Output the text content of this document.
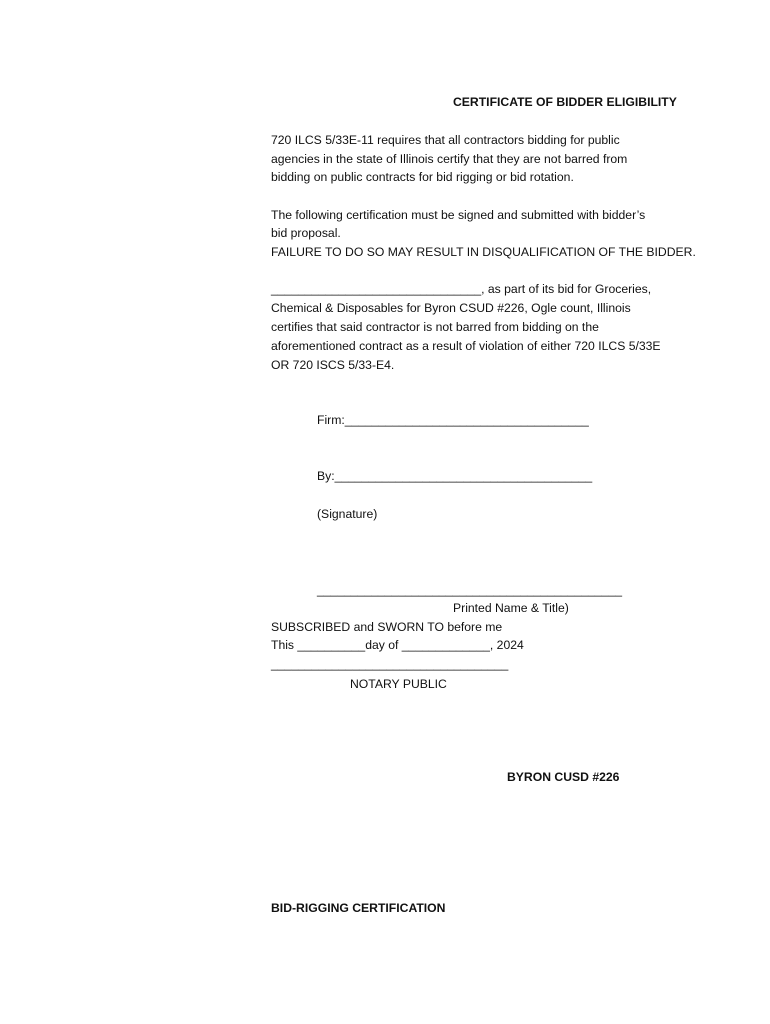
CERTIFICATE OF BIDDER ELIGIBILITY
720 ILCS 5/33E-11 requires that all contractors bidding for public
agencies in the state of Illinois certify that they are not barred from
bidding on public contracts for bid rigging or bid rotation.
The following certification must be signed and submitted with bidder’s
bid proposal.
FAILURE TO DO SO MAY RESULT IN DISQUALIFICATION OF THE BIDDER.
_______________________________, as part of its bid for Groceries,
Chemical & Disposables for Byron CSUD #226, Ogle count, Illinois
certifies that said contractor is not barred from bidding on the
aforementioned contract as a result of violation of either 720 ILCS 5/33E
OR 720 ISCS 5/33-E4.
Firm:____________________________________
By:______________________________________
(Signature)
_____________________________________________
Printed Name & Title)
SUBSCRIBED and SWORN TO before me
This __________day of _____________, 2024
___________________________________
NOTARY PUBLIC
BYRON CUSD #226
BID-RIGGING CERTIFICATION
